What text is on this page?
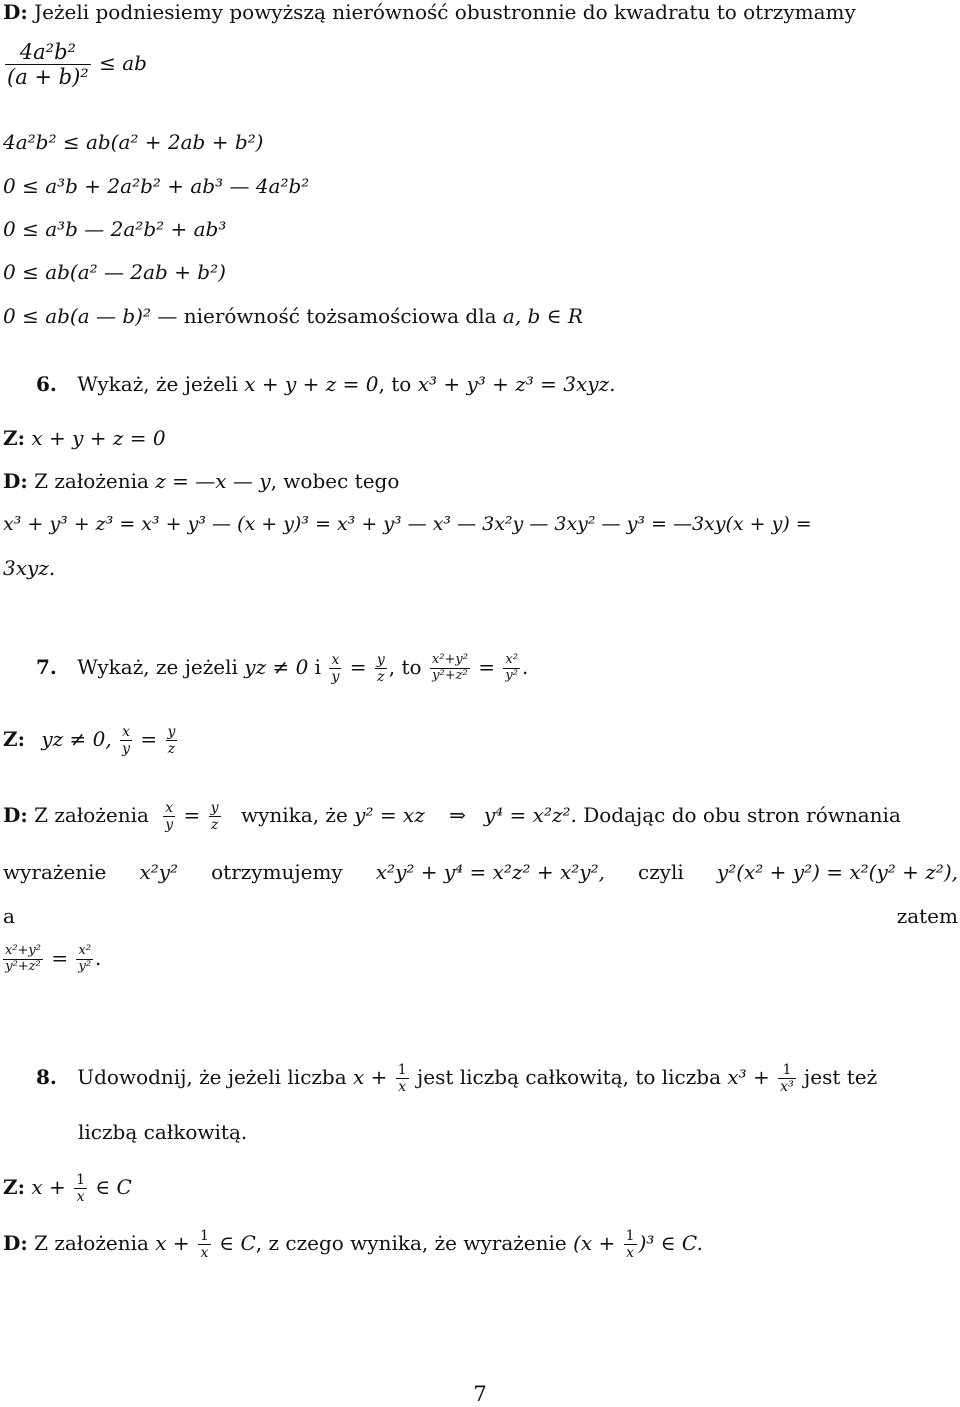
D: Jeżeli podniesiemy powyższą nierówność obustronnie do kwadratu to otrzymamy
$\frac{\text{4a²b²}}{\text{(a + b)²}}$ ≤ ab
4a²b² ≤ ab(a² + 2ab + b²)
0 ≤ a³b + 2a²b² + ab³ — 4a²b²
0 ≤ a³b — 2a²b² + ab³
0 ≤ ab(a² — 2ab + b²)
0 ≤ ab(a — b)² — nierówność tożsamościowa dla a, b ∈ R
6. Wykaż, że jeżeli x + y + z = 0, to x³ + y³ + z³ = 3xyz.
Z: x + y + z = 0
D: Z założenia z = —x — y, wobec tego
x³ + y³ + z³ = x³ + y³ — (x + y)³ = x³ + y³ — x³ — 3x²y — 3xy² — y³ = —3xy(x + y) =
3xyz.
7. Wykaż, ze jeżeli yz ≠ 0 i $\frac{x}{y} = \frac{y}{z}$ , to $\frac{\text{x²+y²}}{\text{y²+z²}} = \frac{\text{x²}}{\text{y²}}$ .
Z: yz ≠ 0, $\frac{x}{y} = \frac{y}{z}$
D: Z założenia $\frac{x}{y} = \frac{y}{z}$ wynika, że y² = xz ⇒ y⁴ = x²z². Dodając do obu stron równania
wyrażenie x²y² otrzymujemy x²y² + y⁴ = x²z² + x²y², czyli y²(x² + y²) = x²(y² + z²),
a	zatem
$\frac{\text{x²+y²}}{\text{y²+z²}} = \frac{\text{x²}}{\text{y²}}$ .
8. Udowodnij, że jeżeli liczba $x + \frac{1}{x}$ jest liczbą całkowitą, to liczba $x^3 + \frac{1}{\text{x³}}$ jest też
liczbą całkowitą.
Z: $x + \frac{1}{x}$ ∈ C
D: Z założenia $x + \frac{1}{x}$ ∈ C, z czego wynika, że wyrażenie $(x + \frac{1}{x} )^3$ ∈ C.
7
